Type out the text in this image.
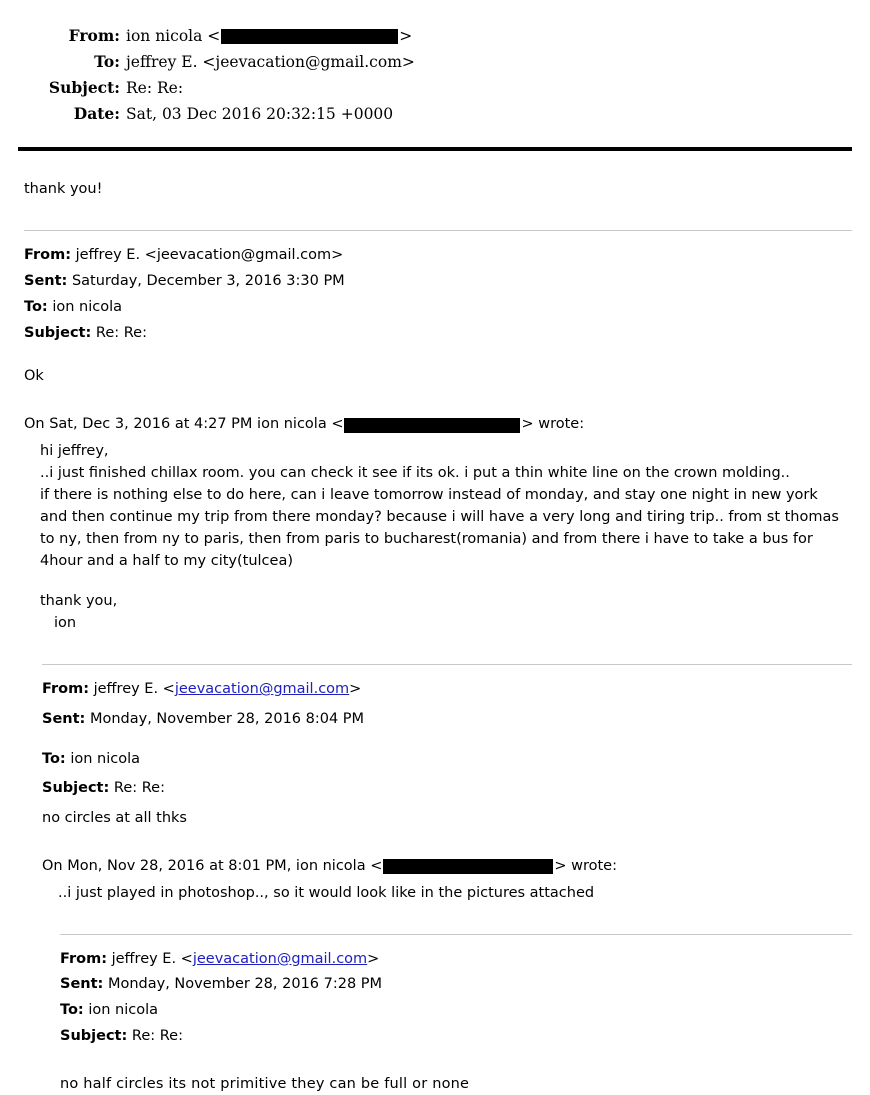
From: ion nicola <	>
To: jeffrey E. <jeevacation@gmail.com>
Subject: Re: Re:
Date: Sat, 03 Dec 2016 20:32:15 +0000
thank you!
From: jeffrey E. <jeevacation@gmail.com>
Sent: Saturday, December 3, 2016 3:30 PM
To: ion nicola
Subject: Re: Re:
Ok
On Sat, Dec 3, 2016 at 4:27 PM ion nicola <	> wrote:

hi jeffrey,

..i just finished chillax room. you can check it see if its ok. i put a thin white line on the crown molding..

if there is nothing else to do here, can i leave tomorrow instead of monday, and stay one night in new york

and then continue my trip from there monday? because i will have a very long and tiring trip.. from st thomas

to ny, then from ny to paris, then from paris to bucharest(romania) and from there i have to take a bus for

4hour and a half to my city(tulcea)

thank you,

ion

From: jeffrey E. <jeevacation@gmail.com>
Sent: Monday, November 28, 2016 8:04 PM
To: ion nicola
Subject: Re: Re:
no circles at all thks
On Mon, Nov 28, 2016 at 8:01 PM, ion nicola <	> wrote:

..i just played in photoshop.., so it would look like in the pictures attached

From: jeffrey E. <jeevacation@gmail.com>
Sent: Monday, November 28, 2016 7:28 PM
To: ion nicola
Subject: Re: Re:
no half circles its not primitive they can be full or none
